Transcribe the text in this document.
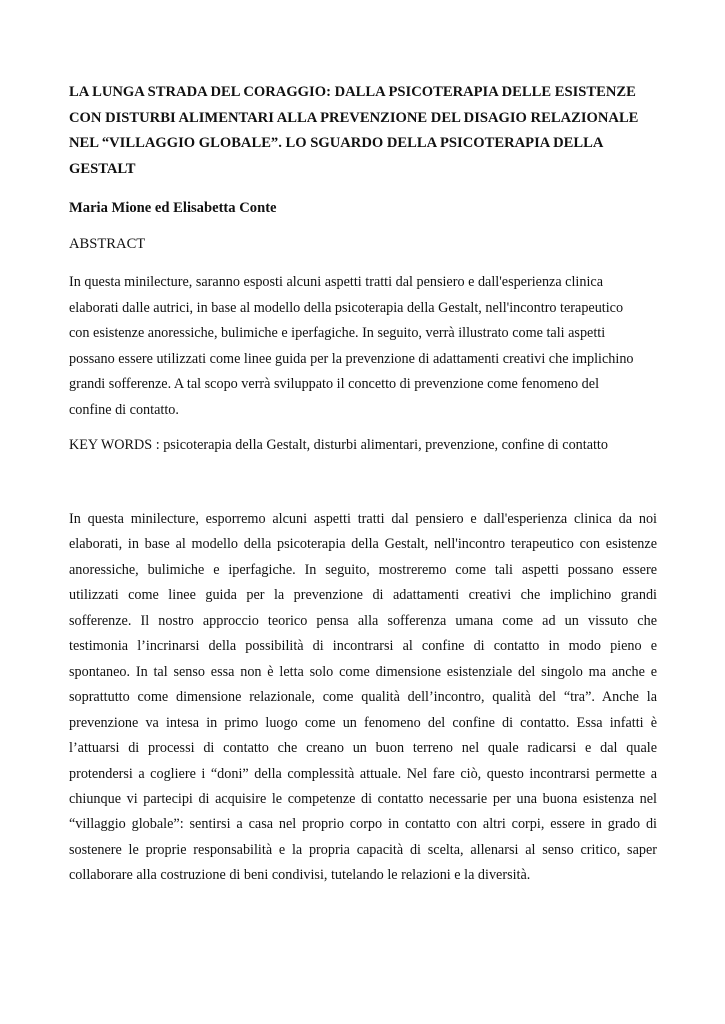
LA LUNGA STRADA DEL CORAGGIO: DALLA PSICOTERAPIA DELLE ESISTENZE
CON DISTURBI ALIMENTARI ALLA PREVENZIONE DEL DISAGIO RELAZIONALE
NEL “VILLAGGIO GLOBALE”. LO SGUARDO DELLA PSICOTERAPIA DELLA
GESTALT

Maria Mione ed Elisabetta Conte

ABSTRACT

In questa minilecture, saranno esposti alcuni aspetti tratti dal pensiero e dall'esperienza clinica
elaborati dalle autrici, in base al modello della psicoterapia della Gestalt, nell'incontro terapeutico
con esistenze anoressiche, bulimiche e iperfagiche. In seguito, verrà illustrato come tali aspetti
possano essere utilizzati come linee guida per la prevenzione di adattamenti creativi che implichino
grandi sofferenze. A tal scopo verrà sviluppato il concetto di prevenzione come fenomeno del
confine di contatto.

KEY WORDS : psicoterapia della Gestalt, disturbi alimentari, prevenzione, confine di contatto

In questa minilecture, esporremo alcuni aspetti tratti dal pensiero e dall'esperienza clinica da noi
elaborati, in base al modello della psicoterapia della Gestalt, nell'incontro terapeutico con esistenze
anoressiche, bulimiche e iperfagiche. In seguito, mostreremo come tali aspetti possano essere
utilizzati come linee guida per la prevenzione di adattamenti creativi che implichino grandi
sofferenze. Il nostro approccio teorico pensa alla sofferenza umana come ad un vissuto che
testimonia l’incrinarsi della possibilità di incontrarsi al confine di contatto in modo pieno e
spontaneo. In tal senso essa non è letta solo come dimensione esistenziale del singolo ma anche e
soprattutto come dimensione relazionale, come qualità dell’incontro, qualità del “tra”. Anche la
prevenzione va intesa in primo luogo come un fenomeno del confine di contatto. Essa infatti è
l’attuarsi di processi di contatto che creano un buon terreno nel quale radicarsi e dal quale
protendersi a cogliere i “doni” della complessità attuale. Nel fare ciò, questo incontrarsi permette a
chiunque vi partecipi di acquisire le competenze di contatto necessarie per una buona esistenza nel
“villaggio globale”: sentirsi a casa nel proprio corpo in contatto con altri corpi, essere in grado di
sostenere le proprie responsabilità e la propria capacità di scelta, allenarsi al senso critico, saper
collaborare alla costruzione di beni condivisi, tutelando le relazioni e la diversità.
